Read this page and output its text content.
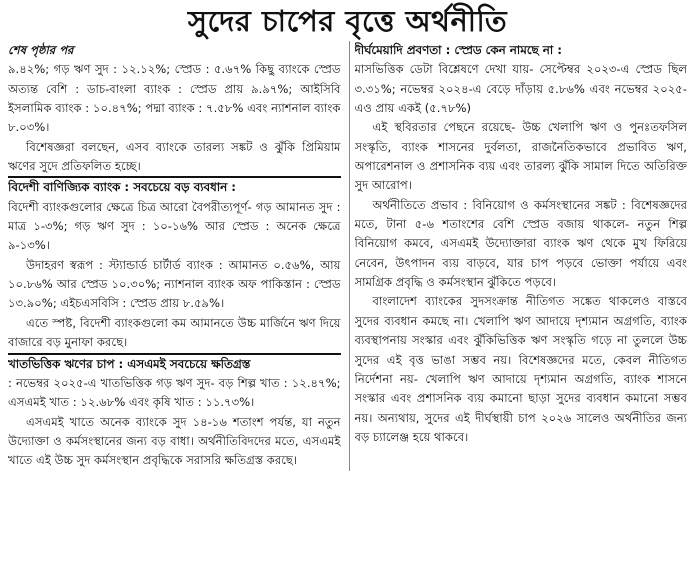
সুদের চাপের বৃত্তে অর্থনীতি
শেষ পৃষ্ঠার পর

৯.৪২%; গড় ঋণ সুদ : ১২.১২%; স্প্রেড : ৫.৬৭% কিছু ব্যাংকে স্প্রেড অত্যন্ত বেশি : ডাচ-বাংলা ব্যাংক : স্প্রেড প্রায় ৯.৯৭%; আইসিবি ইসলামিক ব্যাংক : ১০.৪৭%; পদ্মা ব্যাংক : ৭.৫৮% এবং ন্যাশনাল ব্যাংক ৮.০৩%।

বিশেষজ্ঞরা বলছেন, এসব ব্যাংকে তারল্য সঙ্কট ও ঝুঁকি প্রিমিয়াম ঋণের সুদে প্রতিফলিত হচ্ছে।

বিদেশী বাণিজ্যিক ব্যাংক : সবচেয়ে বড় ব্যবধান :

বিদেশী ব্যাংকগুলোর ক্ষেত্রে চিত্র আরো বৈপরীত্যপূর্ণ- গড় আমানত সুদ : মাত্র ১-৩%; গড় ঋণ সুদ : ১০-১৬% আর স্প্রেড : অনেক ক্ষেত্রে ৯-১৩%।

উদাহরণ স্বরূপ : স্ট্যান্ডার্ড চার্টার্ড ব্যাংক : আমানত ০.৫৬%, আয় ১০.৮৬% আর স্প্রেড ১০.৩০%; ন্যাশনাল ব্যাংক অফ পাকিস্তান : স্প্রেড ১৩.৯০%; এইচএসবিসি : স্প্রেড প্রায় ৮.৫৯%।

এতে স্পষ্ট, বিদেশী ব্যাংকগুলো কম আমানতে উচ্চ মার্জিনে ঋণ দিয়ে বাজারে বড় মুনাফা করছে।

খাতভিত্তিক ঋণের চাপ : এসএমই সবচেয়ে ক্ষতিগ্রস্ত

: নভেম্বর ২০২৫-এ খাতভিত্তিক গড় ঋণ সুদ- বড় শিল্প খাত : ১২.৪৭%; এসএমই খাত : ১২.৬৮% এবং কৃষি খাত : ১১.৭৩%।

এসএমই খাতে অনেক ব্যাংকে সুদ ১৪-১৬ শতাংশ পর্যন্ত, যা নতুন উদ্যোক্তা ও কর্মসংস্থানের জন্য বড় বাধা। অর্থনীতিবিদদের মতে, এসএমই খাতে এই উচ্চ সুদ কর্মসংস্থান প্রবৃদ্ধিকে সরাসরি ক্ষতিগ্রস্ত করছে।

দীর্ঘমেয়াদি প্রবণতা : স্প্রেড কেন নামছে না :

মাসভিত্তিক ডেটা বিশ্লেষণে দেখা যায়- সেপ্টেম্বর ২০২৩-এ স্প্রেড ছিল ৩.৩১%; নভেম্বর ২০২৪-এ বেড়ে দাঁড়ায় ৫.৮৬% এবং নভেম্বর ২০২৫-এও প্রায় একই (৫.৭৮%)

এই স্থবিরতার পেছনে রয়েছে- উচ্চ খেলাপি ঋণ ও পুনঃতফসিল সংস্কৃতি, ব্যাংক শাসনের দুর্বলতা, রাজনৈতিকভাবে প্রভাবিত ঋণ, অপারেশনাল ও প্রশাসনিক ব্যয় এবং তারল্য ঝুঁকি সামাল দিতে অতিরিক্ত সুদ আরোপ।

অর্থনীতিতে প্রভাব : বিনিয়োগ ও কর্মসংস্থানের সঙ্কট : বিশেষজ্ঞদের মতে, টানা ৫-৬ শতাংশের বেশি স্প্রেড বজায় থাকলে- নতুন শিল্প বিনিয়োগ কমবে, এসএমই উদ্যোক্তারা ব্যাংক ঋণ থেকে মুখ ফিরিয়ে নেবেন, উৎপাদন ব্যয় বাড়বে, যার চাপ পড়বে ভোক্তা পর্যায়ে এবং সামগ্রিক প্রবৃদ্ধি ও কর্মসংস্থান ঝুঁকিতে পড়বে।

বাংলাদেশ ব্যাংকের সুদসংক্রান্ত নীতিগত সঙ্কেত থাকলেও বাস্তবে সুদের ব্যবধান কমছে না। খেলাপি ঋণ আদায়ে দৃশ্যমান অগ্রগতি, ব্যাংক ব্যবস্থাপনায় সংস্কার এবং ঝুঁকিভিত্তিক ঋণ সংস্কৃতি গড়ে না তুললে উচ্চ সুদের এই বৃত্ত ভাঙা সম্ভব নয়। বিশেষজ্ঞদের মতে, কেবল নীতিগত নির্দেশনা নয়- খেলাপি ঋণ আদায়ে দৃশ্যমান অগ্রগতি, ব্যাংক শাসনে সংস্কার এবং প্রশাসনিক ব্যয় কমানো ছাড়া সুদের ব্যবধান কমানো সম্ভব নয়। অন্যথায়, সুদের এই দীর্ঘস্থায়ী চাপ ২০২৬ সালেও অর্থনীতির জন্য বড় চ্যালেঞ্জ হয়ে থাকবে।
